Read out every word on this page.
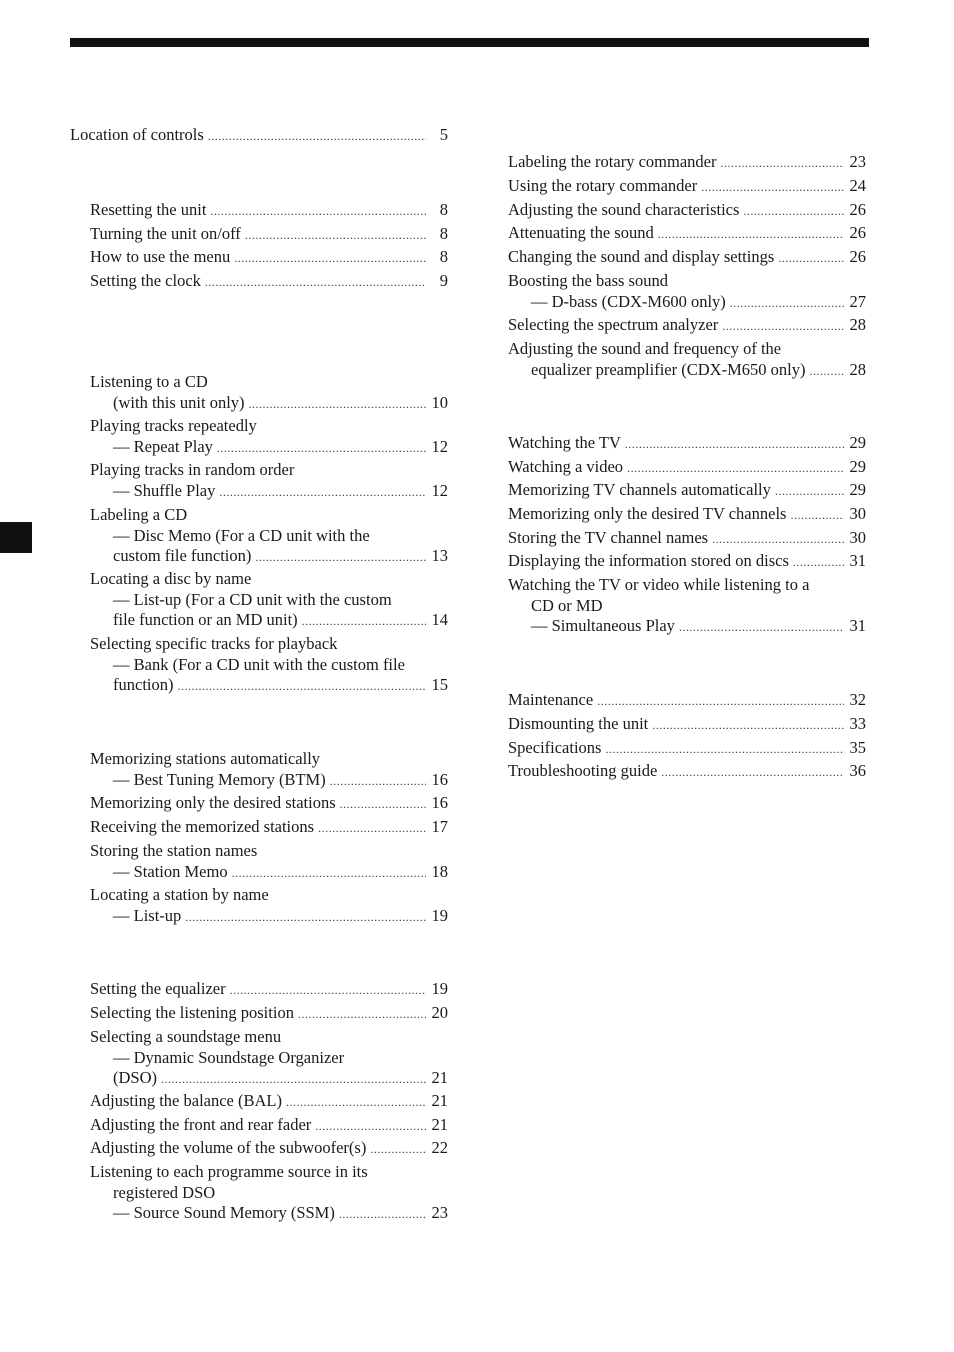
Location of controls .....	5
Resetting the unit .....	8
Turning the unit on/off .....	8
How to use the menu .....	8
Setting the clock .....	9
Listening to a CD
(with this unit only) .....	10
Playing tracks repeatedly
— Repeat Play .....	12
Playing tracks in random order
— Shuffle Play .....	12
Labeling a CD
— Disc Memo (For a CD unit with the
custom file function) .....	13
Locating a disc by name
— List-up (For a CD unit with the custom
file function or an MD unit) .....	14
Selecting specific tracks for playback
— Bank (For a CD unit with the custom file
function) .....	15
Memorizing stations automatically
— Best Tuning Memory (BTM) .....	16
Memorizing only the desired stations .....	16
Receiving the memorized stations .....	17
Storing the station names
— Station Memo .....	18
Locating a station by name
— List-up .....	19
Setting the equalizer .....	19
Selecting the listening position .....	20
Selecting a soundstage menu
— Dynamic Soundstage Organizer
(DSO) .....	21
Adjusting the balance (BAL) .....	21
Adjusting the front and rear fader .....	21
Adjusting the volume of the subwoofer(s) .....	22
Listening to each programme source in its
registered DSO
— Source Sound Memory (SSM) .....	23
Labeling the rotary commander .....	23
Using the rotary commander .....	24
Adjusting the sound characteristics .....	26
Attenuating the sound .....	26
Changing the sound and display settings .....	26
Boosting the bass sound
— D-bass (CDX-M600 only) .....	27
Selecting the spectrum analyzer .....	28
Adjusting the sound and frequency of the
equalizer preamplifier (CDX-M650 only) .....	28
Watching the TV .....	29
Watching a video .....	29
Memorizing TV channels automatically .....	29
Memorizing only the desired TV channels .....	30
Storing the TV channel names .....	30
Displaying the information stored on discs .....	31
Watching the TV or video while listening to a
CD or MD
— Simultaneous Play .....	31
Maintenance .....	32
Dismounting the unit .....	33
Specifications .....	35
Troubleshooting guide .....	36
